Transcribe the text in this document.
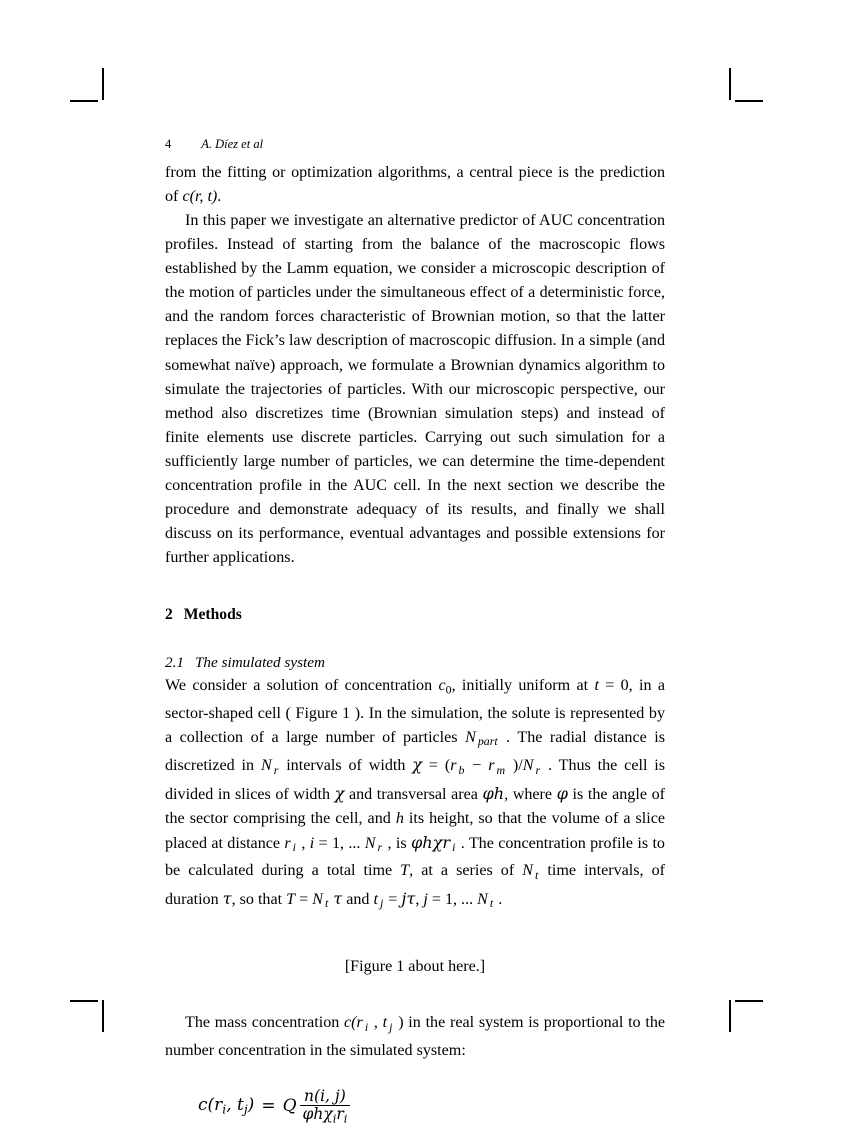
4 A. Díez et al

from the fitting or optimization algorithms, a central piece is the prediction of c(r, t).

In this paper we investigate an alternative predictor of AUC concentration profiles. Instead of starting from the balance of the macroscopic flows established by the Lamm equation, we consider a microscopic description of the motion of particles under the simultaneous effect of a deterministic force, and the random forces characteristic of Brownian motion, so that the latter replaces the Fick’s law description of macroscopic diffusion. In a simple (and somewhat naïve) approach, we formulate a Brownian dynamics algorithm to simulate the trajectories of particles. With our microscopic perspective, our method also discretizes time (Brownian simulation steps) and instead of finite elements use discrete particles. Carrying out such simulation for a sufficiently large number of particles, we can determine the time-dependent concentration profile in the AUC cell. In the next section we describe the procedure and demonstrate adequacy of its results, and finally we shall discuss on its performance, eventual advantages and possible extensions for further applications.

2 Methods
2.1 The simulated system

We consider a solution of concentration $c_0$, initially uniform at t = 0, in a sector-shaped cell ( Figure 1 ). In the simulation, the solute is represented by a collection of a large number of particles N $_{part}$ . The radial distance is discretized in N $_r$ intervals of width χ = (r $_b$ − r $_m$ )/N $_r$ . Thus the cell is divided in slices of width χ and transversal area φh, where φ is the angle of the sector comprising the cell, and h its height, so that the volume of a slice placed at distance r $_i$ , i = 1, ... N $_r$ , is φhχr $_i$ . The concentration profile is to be calculated during a total time T, at a series of N $_t$ time intervals, of duration τ, so that T = N $_t$ τ and t $_j$ = jτ, j = 1, ... N $_t$ .

[Figure 1 about here.]

The mass concentration c(r $_i$ , t $_j$ ) in the real system is proportional to the number concentration in the simulated system:

$c(r_i$, $t_j) = Q \frac{n(i, j)}{\varphi h\chi_ir_i}$
